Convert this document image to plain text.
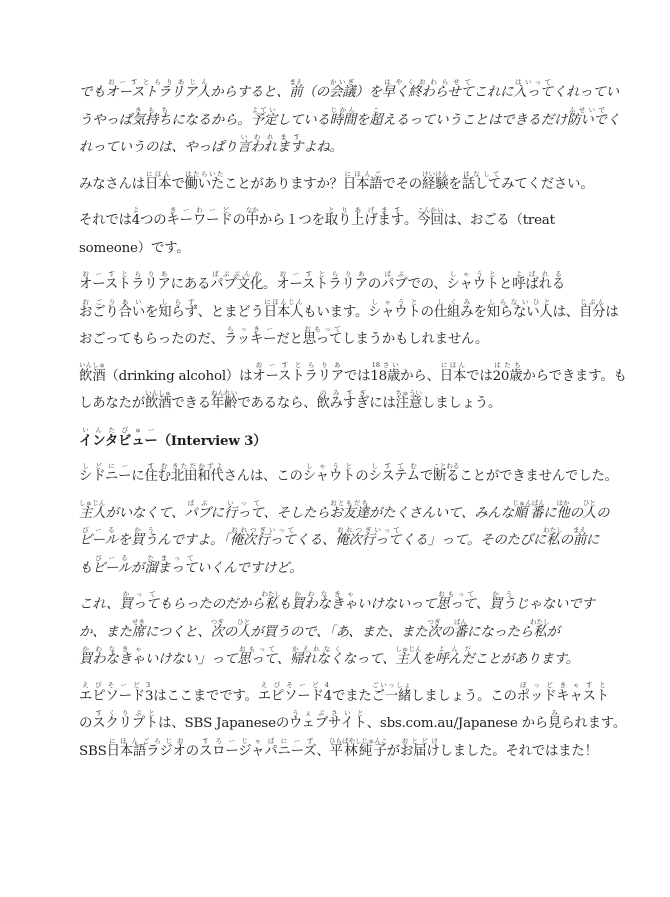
でもオーストラリア人おーすとらりあじんからすると、前まえ（の会議かいぎ）を早く終わらせてはやくおわらせてこれに入ってはいってくれってい
うやっぱ気持ちきもちになるから。予定よていしている時間じかんを超こえるっていうことはできるだけ防いでふせいでく
れっていうのは、やっぱり言われますいわれますよね。
みなさんは日本にほんで働いたはたらいたことがありますか？日本語にほんごでその経験けいけんを話してはなしてみてください。
それでは4よつのキーワードきーわーどの中なかから１つを取り上げますとりあげます。今回こんかいは、おごる（treat
someone）です。
オーストラリアおーすとらりあにあるパブ文化ぱぶぶんか。オーストラリアおーすとらりあのパブぱぶでの、シャウトしゃうとと呼ばれるよばれる
おごり合いおごりあいを知らずしらず、とまどう日本人にほんじんもいます。シャウトしゃうとの仕組みしくみを知らない人しらないひとは、自分じぶんは
おごってもらったのだ、ラッキーらっきーだと思っておもってしまうかもしれません。
飲酒いんしゅ（drinking alcohol）はオーストラリアおーすとらりあでは18歳18さいから、日本にほんでは20歳はたちからできます。も
しあなたが飲酒いんしゅできる年齢ねんれいであるなら、飲みすぎのみすぎには注意ちゅういしましょう。
インタビューいんたびゅー（Interview 3）
シドニーしどにーに住むすむ北田和代きただかずよさんは、このシャウトしゃうとのシステムしすてむで断ることわることができませんでした。
主人しゅじんがいなくて、パブぱぶに行っていって、そしたらお友達おともだちがたくさんいて、みんな順番じゅんばんに他ほかの人ひとの
ビールびーるを買うかうんですよ。「俺次行っておれつぎいってくる、俺次行っておれつぎいってくる」って。そのたびに私わたしの前まえに
もビールびーるが溜まってたまっていくんですけど。
これ、買ってかってもらったのだから私わたしも買わなきゃかわなきゃいけないって思っておもって、買うかうじゃないです
か、また席せきにつくと、次つぎの人ひとが買うので、「あ、また、また次つぎの番ばんになったら私わたしが
買わなきゃかわなきゃいけない」って思っておもって、帰れなくかえれなくなって、主人しゅじんを呼んだよんだことがあります。
エピソード3えぴそーど3はここまでです。エピソード4えぴそーど4でまたご一緒ごいっしょしましょう。このポッドキャストぽっどきゃすと
のスクリプトすくりぷとは、SBS Japaneseのウェブサイトうぇぶさいと、sbs.com.au/Japanese から見みられます。
SBS日本語ラジオにほんごらじおのスロージャパニーズすろーじゃぱにーず、平林純子ひらばやしじゅんこがお届けおとどけしました。それではまた！
